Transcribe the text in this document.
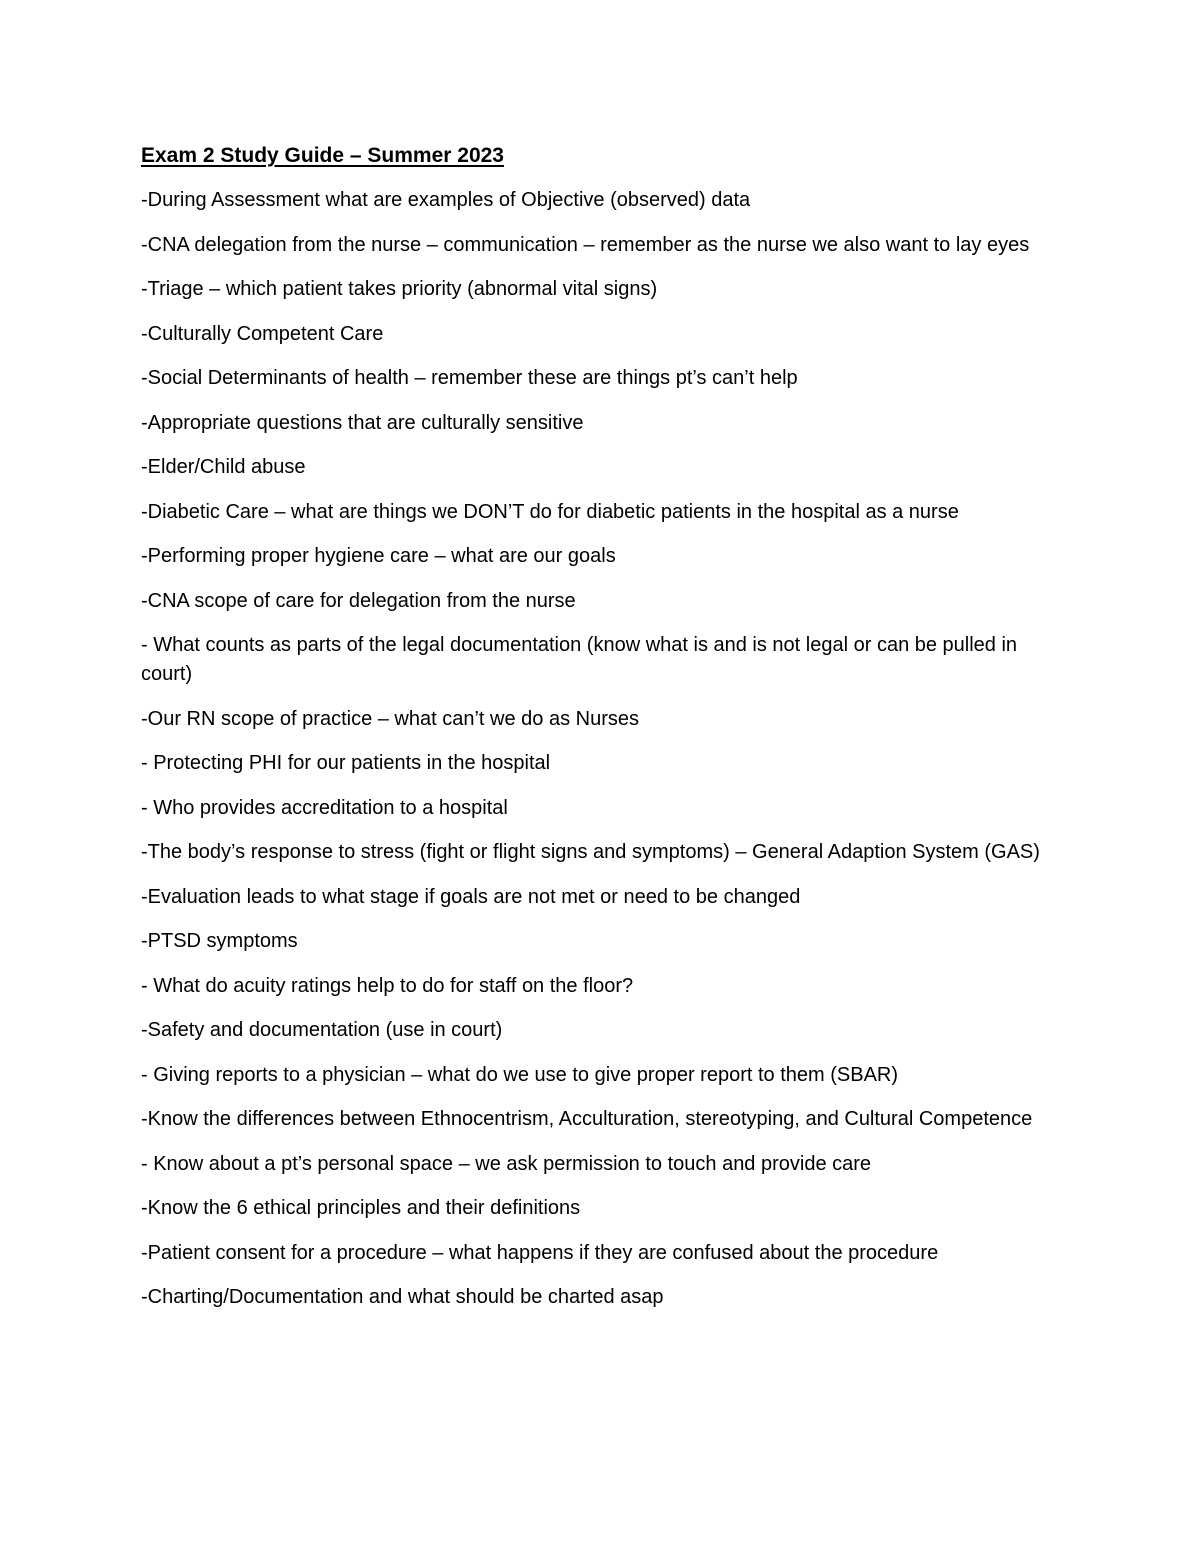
Exam 2 Study Guide – Summer 2023
-During Assessment what are examples of Objective (observed) data
-CNA delegation from the nurse – communication – remember as the nurse we also want to lay eyes
-Triage – which patient takes priority (abnormal vital signs)
-Culturally Competent Care
-Social Determinants of health – remember these are things pt’s can’t help
-Appropriate questions that are culturally sensitive
-Elder/Child abuse
-Diabetic Care – what are things we DON’T do for diabetic patients in the hospital as a nurse
-Performing proper hygiene care – what are our goals
-CNA scope of care for delegation from the nurse
- What counts as parts of the legal documentation (know what is and is not legal or can be pulled in court)
-Our RN scope of practice – what can’t we do as Nurses
- Protecting PHI for our patients in the hospital
- Who provides accreditation to a hospital
-The body’s response to stress (fight or flight signs and symptoms) – General Adaption System (GAS)
-Evaluation leads to what stage if goals are not met or need to be changed
-PTSD symptoms
- What do acuity ratings help to do for staff on the floor?
-Safety and documentation (use in court)
- Giving reports to a physician – what do we use to give proper report to them (SBAR)
-Know the differences between Ethnocentrism, Acculturation, stereotyping, and Cultural Competence
- Know about a pt’s personal space – we ask permission to touch and provide care
-Know the 6 ethical principles and their definitions
-Patient consent for a procedure – what happens if they are confused about the procedure
-Charting/Documentation and what should be charted asap
